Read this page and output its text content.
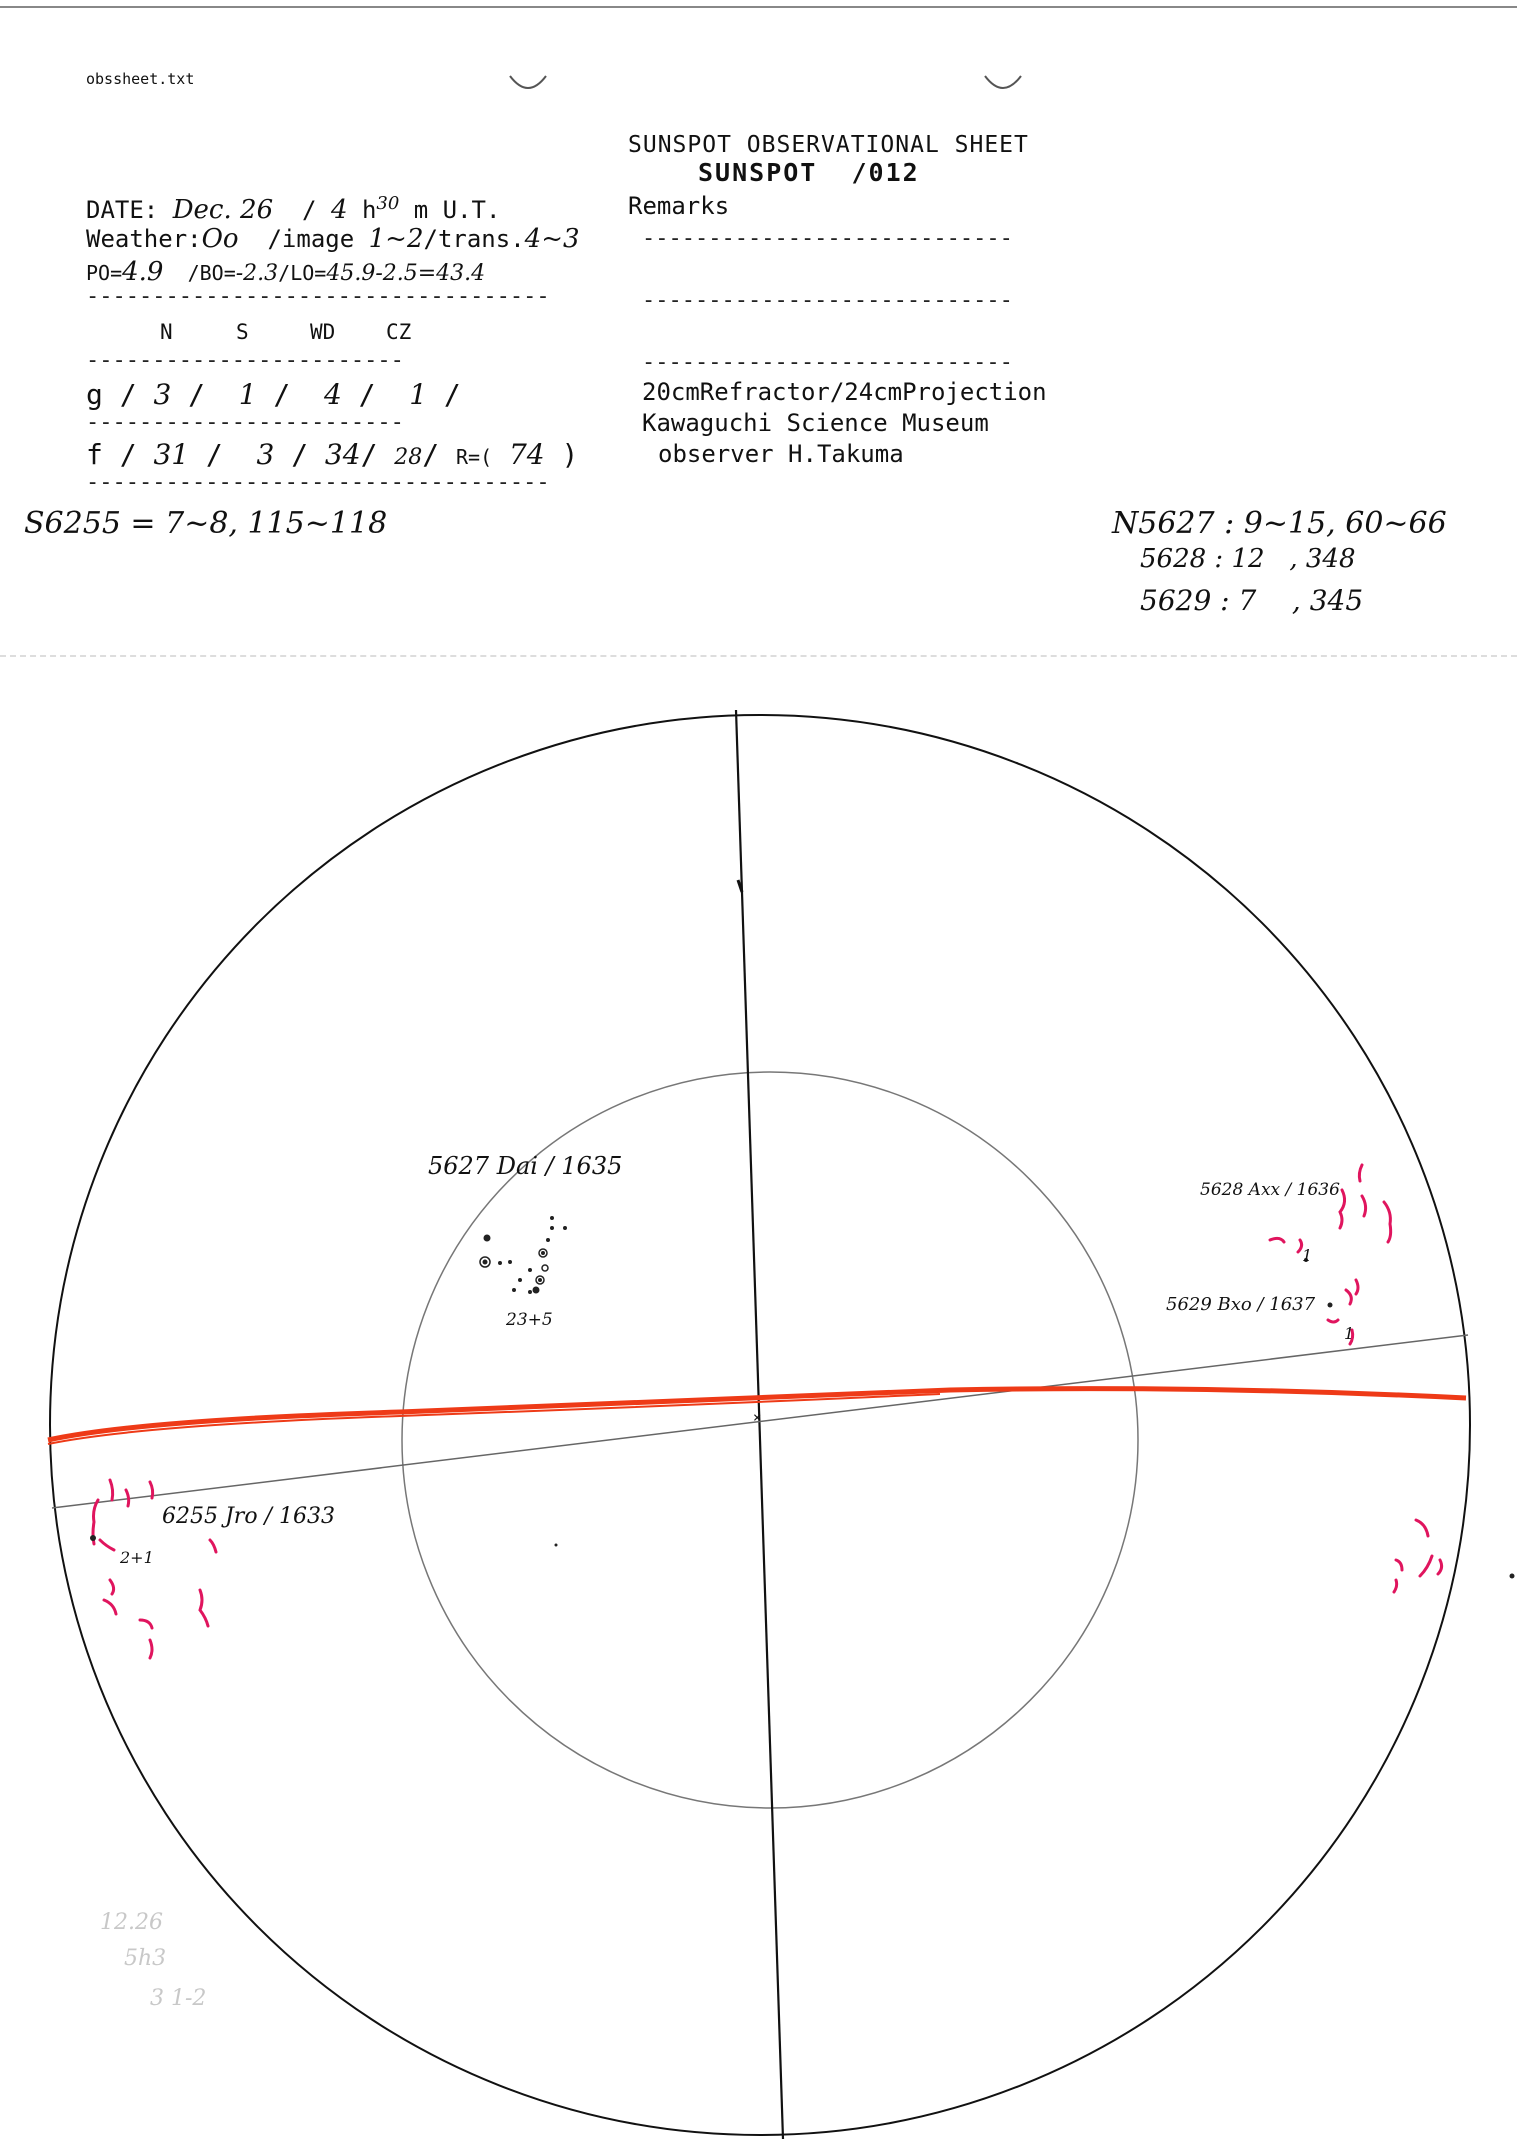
obssheet.txt
SUNSPOT OBSERVATIONAL SHEET
SUNSPOT /012
Remarks
----------------------------
----------------------------
----------------------------
20cmRefractor/24cmProjection
Kawaguchi Science Museum
observer H.Takuma
DATE: Dec. 26 / 4 $h^{30}$ m U.T.
Weather:Oo /image 1~2/trans.4~3
PO=4.9 /BO=-2.3/LO=45.9-2.5=43.4
-----------------------------------
N	S	WD CZ
------------------------
g / 3 /  1 /  4 /  1 /
------------------------
f / 31 /  3 / 34/ 28/ R=( 74 )
-----------------------------------
S6255 = 7~8, 115~118	N5627 : 9~15, 60~66
5628 : 12   , 348
5629 : 7    , 345
5627 Dai / 1635
23+5
5628 Axx / 1636
1
5629 Bxo / 1637
1
6255 Jro / 1633
2+1
×
12.26
5h3
3 1-2
